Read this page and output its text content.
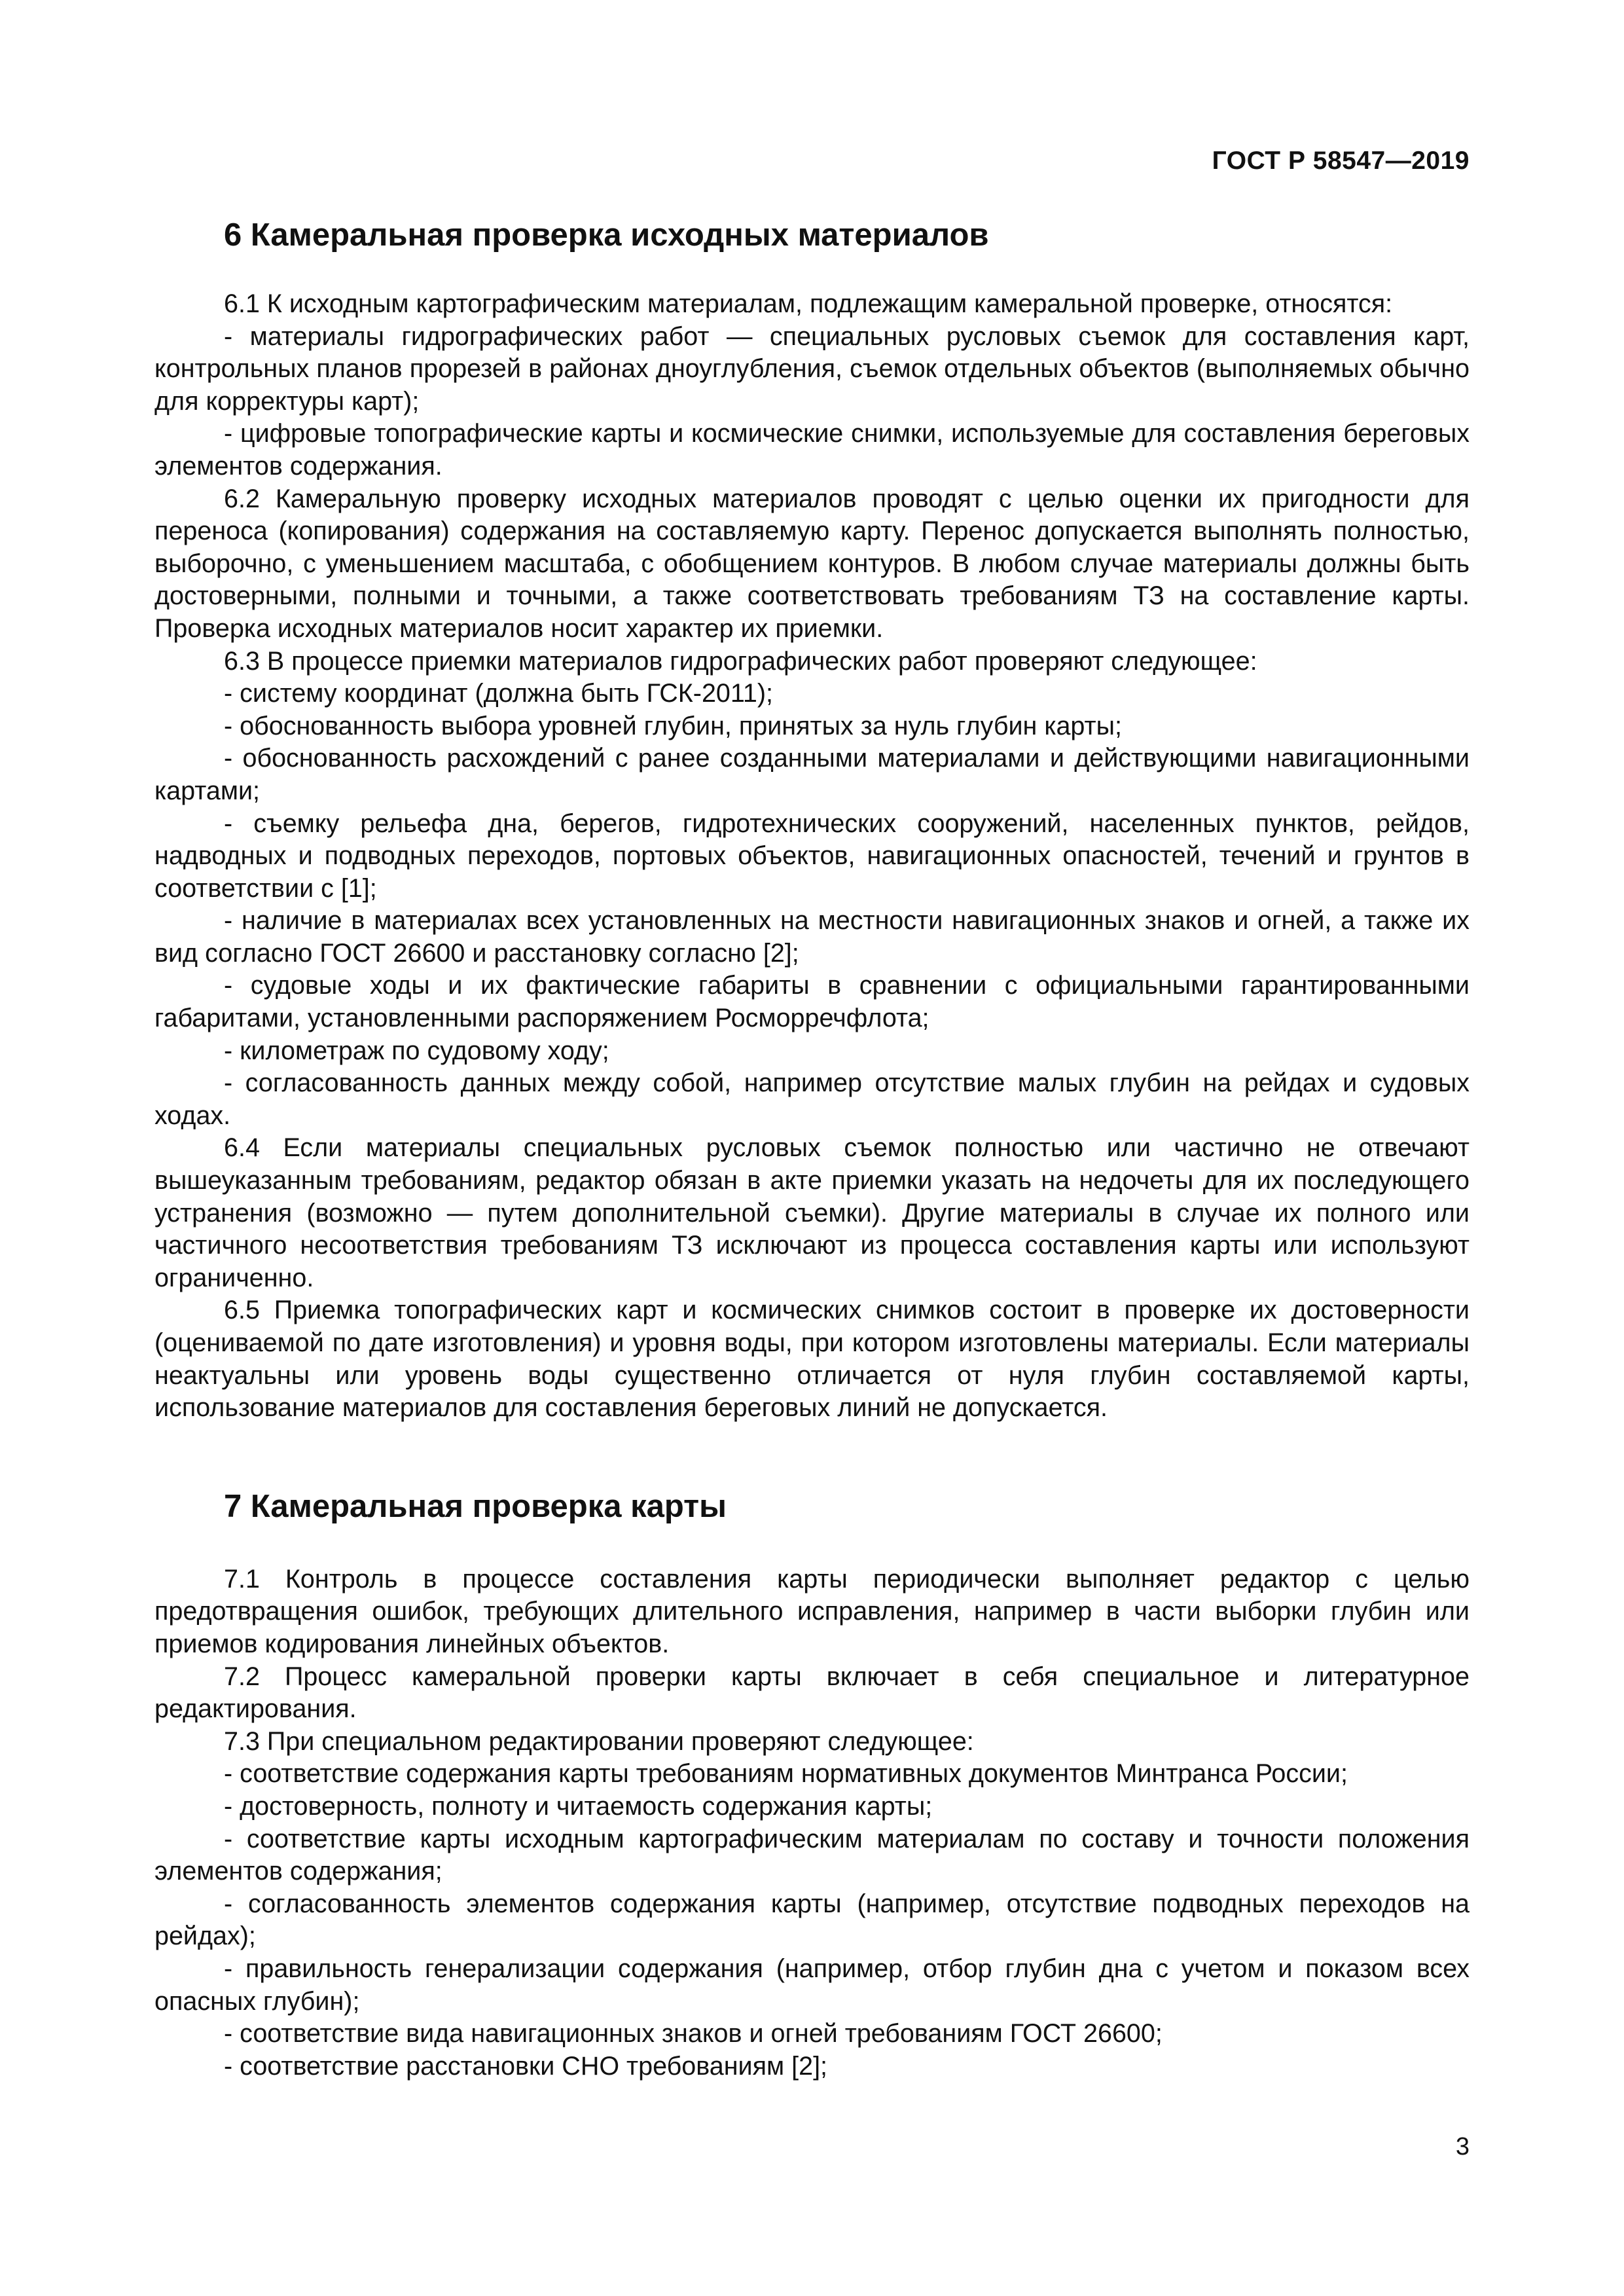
ГОСТ Р 58547—2019
6 Камеральная проверка исходных материалов

6.1 К исходным картографическим материалам, подлежащим камеральной проверке, относятся:

- материалы гидрографических работ — специальных русловых съемок для составления карт, контрольных планов прорезей в районах дноуглубления, съемок отдельных объектов (выполняемых обычно для корректуры карт);

- цифровые топографические карты и космические снимки, используемые для составления береговых элементов содержания.

6.2 Камеральную проверку исходных материалов проводят с целью оценки их пригодности для переноса (копирования) содержания на составляемую карту. Перенос допускается выполнять полностью, выборочно, с уменьшением масштаба, с обобщением контуров. В любом случае материалы должны быть достоверными, полными и точными, а также соответствовать требованиям ТЗ на составление карты. Проверка исходных материалов носит характер их приемки.

6.3 В процессе приемки материалов гидрографических работ проверяют следующее:

- систему координат (должна быть ГСК-2011);

- обоснованность выбора уровней глубин, принятых за нуль глубин карты;

- обоснованность расхождений с ранее созданными материалами и действующими навигационными картами;

- съемку рельефа дна, берегов, гидротехнических сооружений, населенных пунктов, рейдов, надводных и подводных переходов, портовых объектов, навигационных опасностей, течений и грунтов в соответствии с [1];

- наличие в материалах всех установленных на местности навигационных знаков и огней, а также их вид согласно ГОСТ 26600 и расстановку согласно [2];

- судовые ходы и их фактические габариты в сравнении с официальными гарантированными габаритами, установленными распоряжением Росморречфлота;

- километраж по судовому ходу;

- согласованность данных между собой, например отсутствие малых глубин на рейдах и судовых ходах.

6.4 Если материалы специальных русловых съемок полностью или частично не отвечают вышеуказанным требованиям, редактор обязан в акте приемки указать на недочеты для их последующего устранения (возможно — путем дополнительной съемки). Другие материалы в случае их полного или частичного несоответствия требованиям ТЗ исключают из процесса составления карты или используют ограниченно.

6.5 Приемка топографических карт и космических снимков состоит в проверке их достоверности (оцениваемой по дате изготовления) и уровня воды, при котором изготовлены материалы. Если материалы неактуальны или уровень воды существенно отличается от нуля глубин составляемой карты, использование материалов для составления береговых линий не допускается.

7 Камеральная проверка карты

7.1 Контроль в процессе составления карты периодически выполняет редактор с целью предотвращения ошибок, требующих длительного исправления, например в части выборки глубин или приемов кодирования линейных объектов.

7.2 Процесс камеральной проверки карты включает в себя специальное и литературное редактирования.

7.3 При специальном редактировании проверяют следующее:

- соответствие содержания карты требованиям нормативных документов Минтранса России;

- достоверность, полноту и читаемость содержания карты;

- соответствие карты исходным картографическим материалам по составу и точности положения элементов содержания;

- согласованность элементов содержания карты (например, отсутствие подводных переходов на рейдах);

- правильность генерализации содержания (например, отбор глубин дна с учетом и показом всех опасных глубин);

- соответствие вида навигационных знаков и огней требованиям ГОСТ 26600;

- соответствие расстановки СНО требованиям [2];

3
